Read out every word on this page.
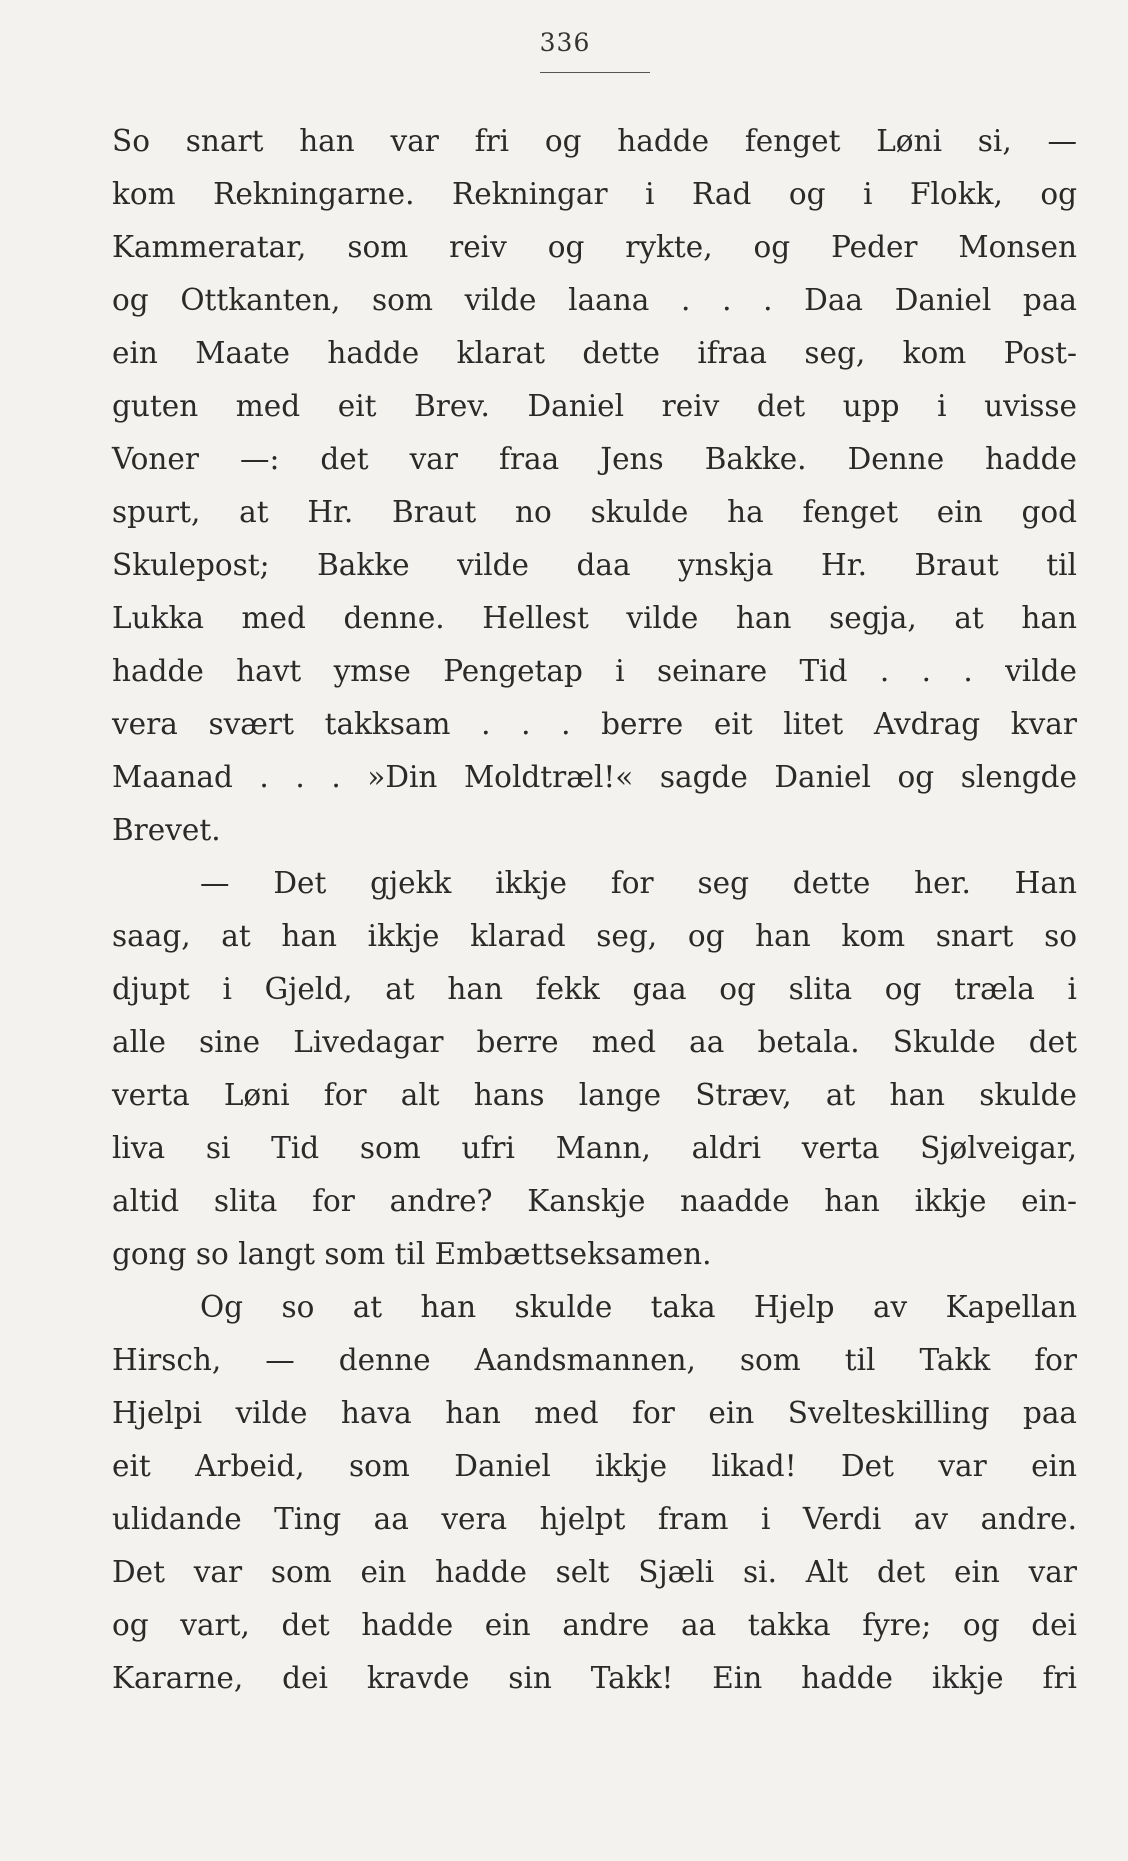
336
So snart han var fri og hadde fenget Løni si, —
kom Rekningarne. Rekningar i Rad og i Flokk, og
Kammeratar, som reiv og rykte, og Peder Monsen
og Ottkanten, som vilde laana . . . Daa Daniel paa
ein Maate hadde klarat dette ifraa seg, kom Post-
guten med eit Brev. Daniel reiv det upp i uvisse
Voner —: det var fraa Jens Bakke. Denne hadde
spurt, at Hr. Braut no skulde ha fenget ein god
Skulepost; Bakke vilde daa ynskja Hr. Braut til
Lukka med denne. Hellest vilde han segja, at han
hadde havt ymse Pengetap i seinare Tid . . . vilde
vera svært takksam . . . berre eit litet Avdrag kvar
Maanad . . . »Din Moldtræl!« sagde Daniel og slengde
Brevet.
— Det gjekk ikkje for seg dette her. Han
saag, at han ikkje klarad seg, og han kom snart so
djupt i Gjeld, at han fekk gaa og slita og træla i
alle sine Livedagar berre med aa betala. Skulde det
verta Løni for alt hans lange Stræv, at han skulde
liva si Tid som ufri Mann, aldri verta Sjølveigar,
altid slita for andre? Kanskje naadde han ikkje ein-
gong so langt som til Embættseksamen.
Og so at han skulde taka Hjelp av Kapellan
Hirsch, — denne Aandsmannen, som til Takk for
Hjelpi vilde hava han med for ein Svelteskilling paa
eit Arbeid, som Daniel ikkje likad! Det var ein
ulidande Ting aa vera hjelpt fram i Verdi av andre.
Det var som ein hadde selt Sjæli si. Alt det ein var
og vart, det hadde ein andre aa takka fyre; og dei
Kararne, dei kravde sin Takk! Ein hadde ikkje fri
